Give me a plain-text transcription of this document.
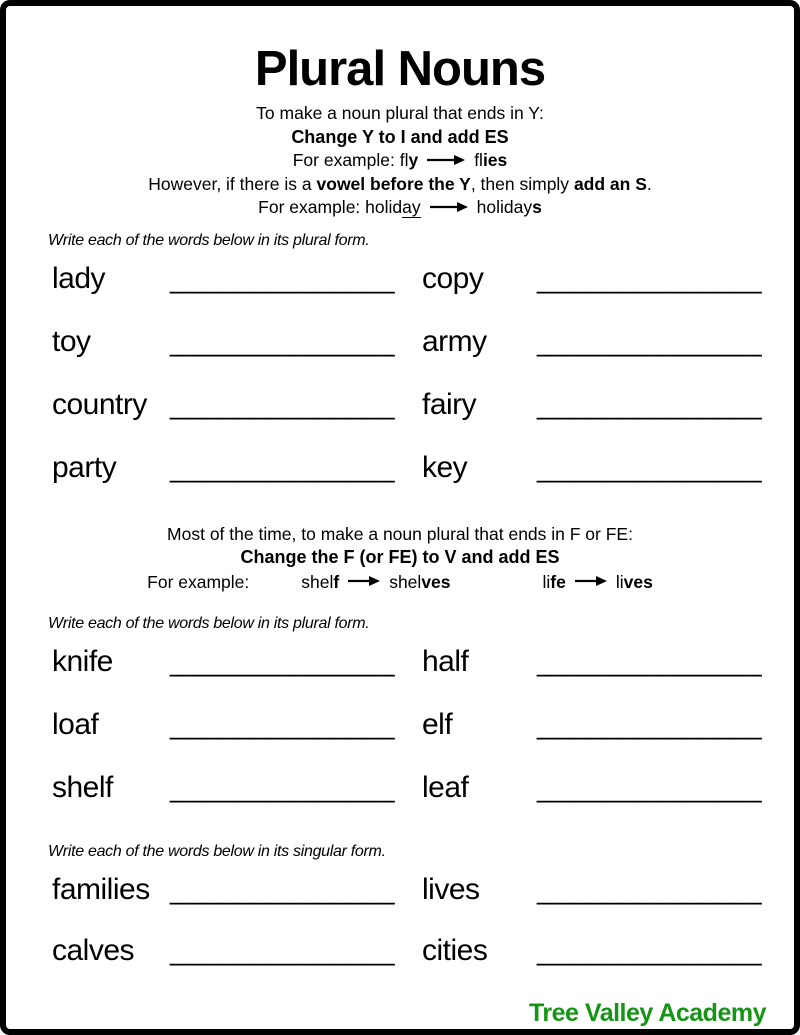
Plural Nouns
To make a noun plural that ends in Y:
Change Y to I and add ES
For example: fly	flies
However, if there is a vowel before the Y, then simply add an S.
For example: holiday	holidays
Write each of the words below in its plural form.
lady	______________ copy	______________
toy	______________ army	______________
country ______________ fairy	______________
party	______________ key	______________
Most of the time, to make a noun plural that ends in F or FE:
Change the F (or FE) to V and add ES
For example:	shelf	shelves	life	lives
Write each of the words below in its plural form.
knife	______________ half	______________
loaf	______________ elf	______________
shelf	______________ leaf	______________
Write each of the words below in its singular form.
families ______________ lives	______________
calves	______________ cities	______________
Tree Valley Academy
